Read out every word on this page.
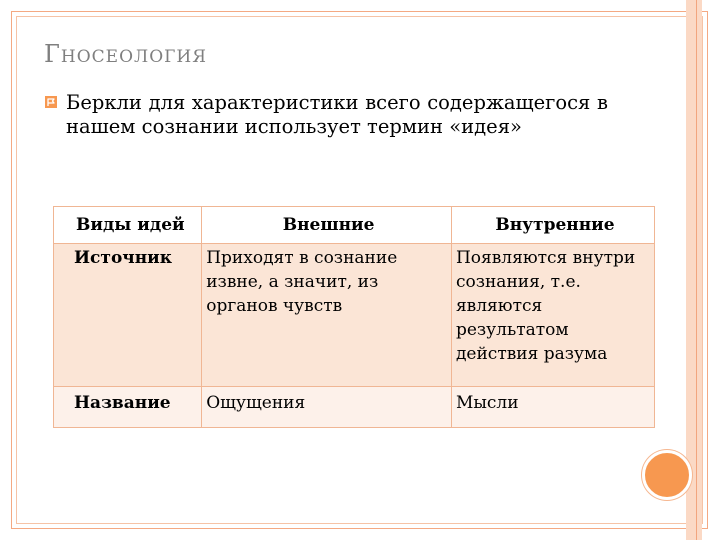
Гносеология

Беркли для характеристики всего содержащегося в нашем сознании использует термин «идея»

Виды идей	Внешние	Внутренние
Источник	Приходят в сознание извне, а значит, из органов чувств	Появляются внутри сознания, т.е. являются результатом действия разума
Название	Ощущения	Мысли
